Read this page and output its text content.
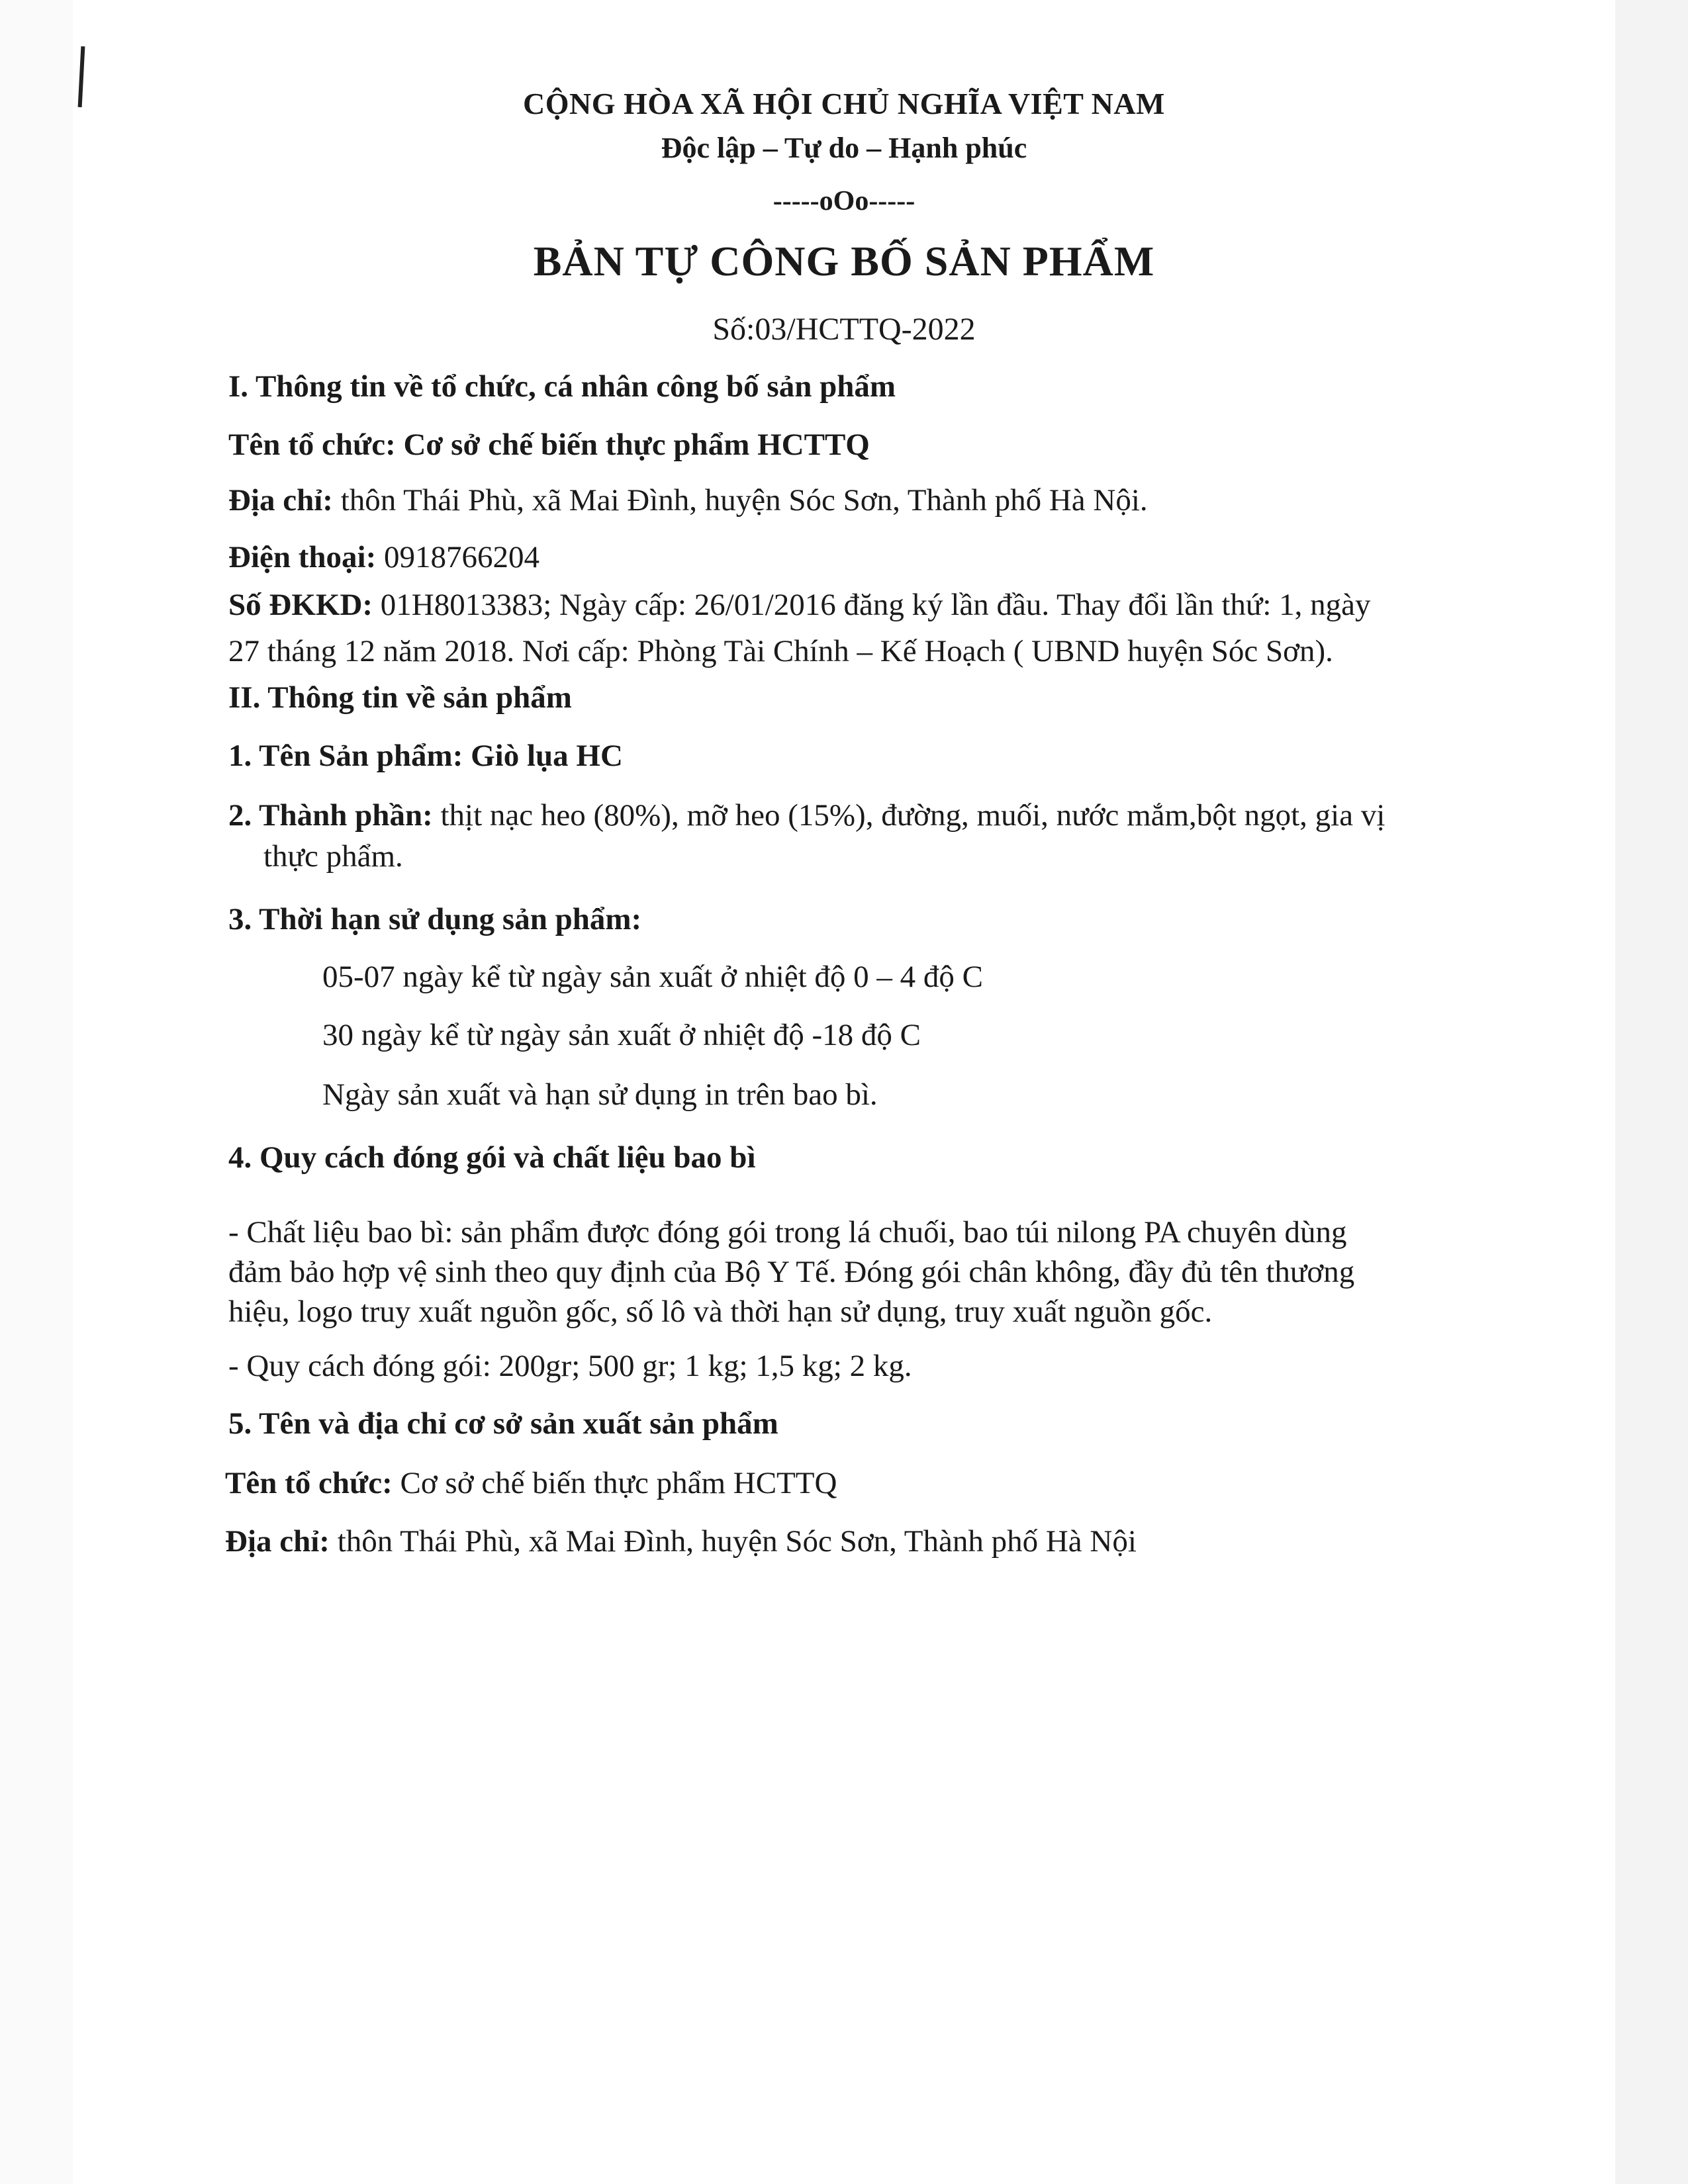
CỘNG HÒA XÃ HỘI CHỦ NGHĨA VIỆT NAM
Độc lập – Tự do – Hạnh phúc
-----oOo-----
BẢN TỰ CÔNG BỐ SẢN PHẨM
Số:03/HCTTQ-2022
I. Thông tin về tổ chức, cá nhân công bố sản phẩm
Tên tổ chức: Cơ sở chế biến thực phẩm HCTTQ
Địa chỉ: thôn Thái Phù, xã Mai Đình, huyện Sóc Sơn, Thành phố Hà Nội.
Điện thoại: 0918766204
Số ĐKKD: 01H8013383; Ngày cấp: 26/01/2016 đăng ký lần đầu. Thay đổi lần thứ: 1, ngày
27 tháng 12 năm 2018. Nơi cấp: Phòng Tài Chính – Kế Hoạch ( UBND huyện Sóc Sơn).
II. Thông tin về sản phẩm
1. Tên Sản phẩm: Giò lụa HC
2. Thành phần: thịt nạc heo (80%), mỡ heo (15%), đường, muối, nước mắm,bột ngọt, gia vị
thực phẩm.
3. Thời hạn sử dụng sản phẩm:
05-07 ngày kể từ ngày sản xuất ở nhiệt độ 0 – 4 độ C
30 ngày kể từ ngày sản xuất ở nhiệt độ -18 độ C
Ngày sản xuất và hạn sử dụng in trên bao bì.
4. Quy cách đóng gói và chất liệu bao bì
- Chất liệu bao bì: sản phẩm được đóng gói trong lá chuối, bao túi nilong PA chuyên dùng
đảm bảo hợp vệ sinh theo quy định của Bộ Y Tế. Đóng gói chân không, đầy đủ tên thương
hiệu, logo truy xuất nguồn gốc, số lô và thời hạn sử dụng, truy xuất nguồn gốc.
- Quy cách đóng gói: 200gr; 500 gr; 1 kg; 1,5 kg; 2 kg.
5. Tên và địa chỉ cơ sở sản xuất sản phẩm
Tên tổ chức: Cơ sở chế biến thực phẩm HCTTQ
Địa chỉ: thôn Thái Phù, xã Mai Đình, huyện Sóc Sơn, Thành phố Hà Nội
